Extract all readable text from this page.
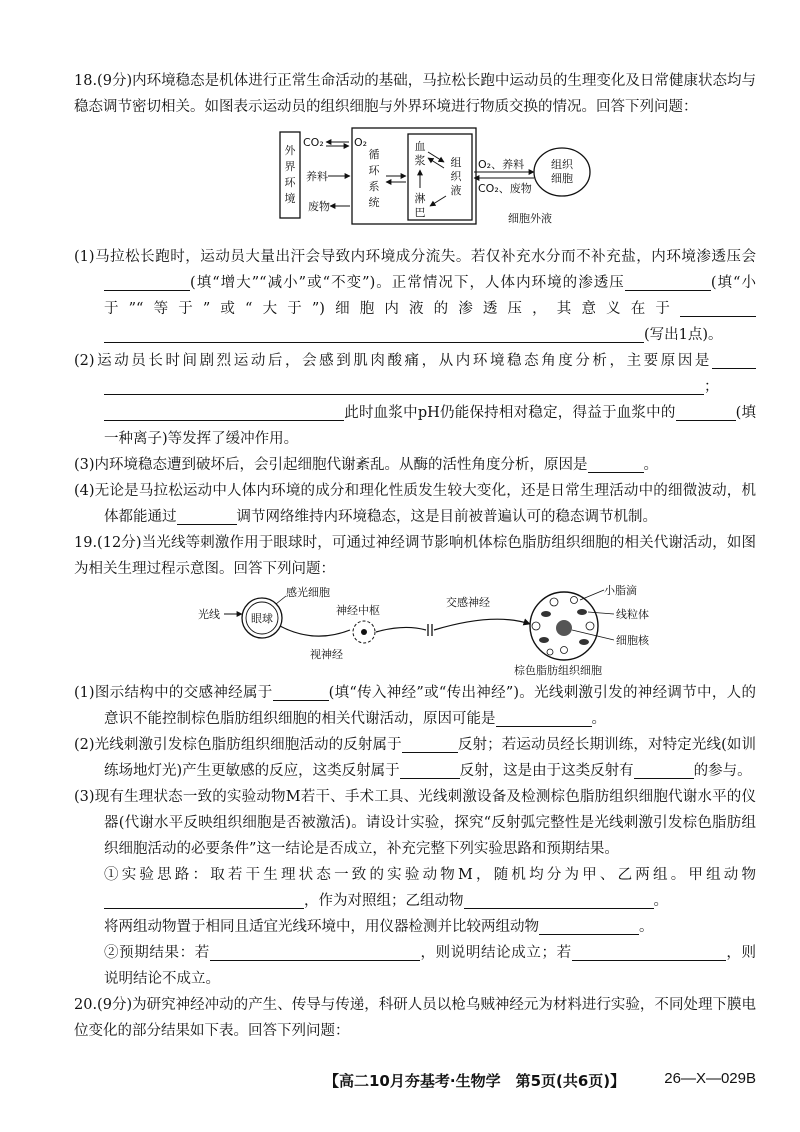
18.(9分)内环境稳态是机体进行正常生命活动的基础，马拉松长跑中运动员的生理变化及日常健康状态均与稳态调节密切相关。如图表示运动员的组织细胞与外界环境进行物质交换的情况。回答下列问题：

外
界
环
境
CO₂	O₂
养料
废物
循
环
系
统
血
浆
淋
巴
组
织
液
O₂、养料
CO₂、废物
组织
细胞
细胞外液

(1)马拉松长跑时，运动员大量出汗会导致内环境成分流失。若仅补充水分而不补充盐，内环境渗透压会(填“增大”“减小”或“不变”)。正常情况下，人体内环境的渗透压	(填“小于”“等于”或“大于”)细胞内液的渗透压，其意义在于(写出1点)。

(2)运动员长时间剧烈运动后，会感到肌肉酸痛，从内环境稳态角度分析，主要原因是；此时血浆中pH仍能保持相对稳定，得益于血浆中的	(填一种离子)等发挥了缓冲作用。

(3)内环境稳态遭到破坏后，会引起细胞代谢紊乱。从酶的活性角度分析，原因是	。

(4)无论是马拉松运动中人体内环境的成分和理化性质发生较大变化，还是日常生理活动中的细微波动，机体都能通过	调节网络维持内环境稳态，这是目前被普遍认可的稳态调节机制。

19.(12分)当光线等刺激作用于眼球时，可通过神经调节影响机体棕色脂肪组织细胞的相关代谢活动，如图为相关生理过程示意图。回答下列问题：

光线	眼球
感光细胞
视神经
神经中枢
交感神经
小脂滴
线粒体
细胞核
棕色脂肪组织细胞

(1)图示结构中的交感神经属于	(填“传入神经”或“传出神经”)。光线刺激引发的神经调节中，人的意识不能控制棕色脂肪组织细胞的相关代谢活动，原因可能是	。

(2)光线刺激引发棕色脂肪组织细胞活动的反射属于	反射；若运动员经长期训练，对特定光线(如训练场地灯光)产生更敏感的反应，这类反射属于	反射，这是由于这类反射有	的参与。

(3)现有生理状态一致的实验动物M若干、手术工具、光线刺激设备及检测棕色脂肪组织细胞代谢水平的仪器(代谢水平反映组织细胞是否被激活)。请设计实验，探究“反射弧完整性是光线刺激引发棕色脂肪组织细胞活动的必要条件”这一结论是否成立，补充完整下列实验思路和预期结果。

①实验思路：取若干生理状态一致的实验动物M，随机均分为甲、乙两组。甲组动物，作为对照组；乙组动物	。
将两组动物置于相同且适宜光线环境中，用仪器检测并比较两组动物	。

②预期结果：若	，则说明结论成立；若	，则说明结论不成立。

20.(9分)为研究神经冲动的产生、传导与传递，科研人员以枪乌贼神经元为材料进行实验，不同处理下膜电位变化的部分结果如下表。回答下列问题：

【高二10月夯基考·生物学　第5页(共6页)】	26—X—029B
